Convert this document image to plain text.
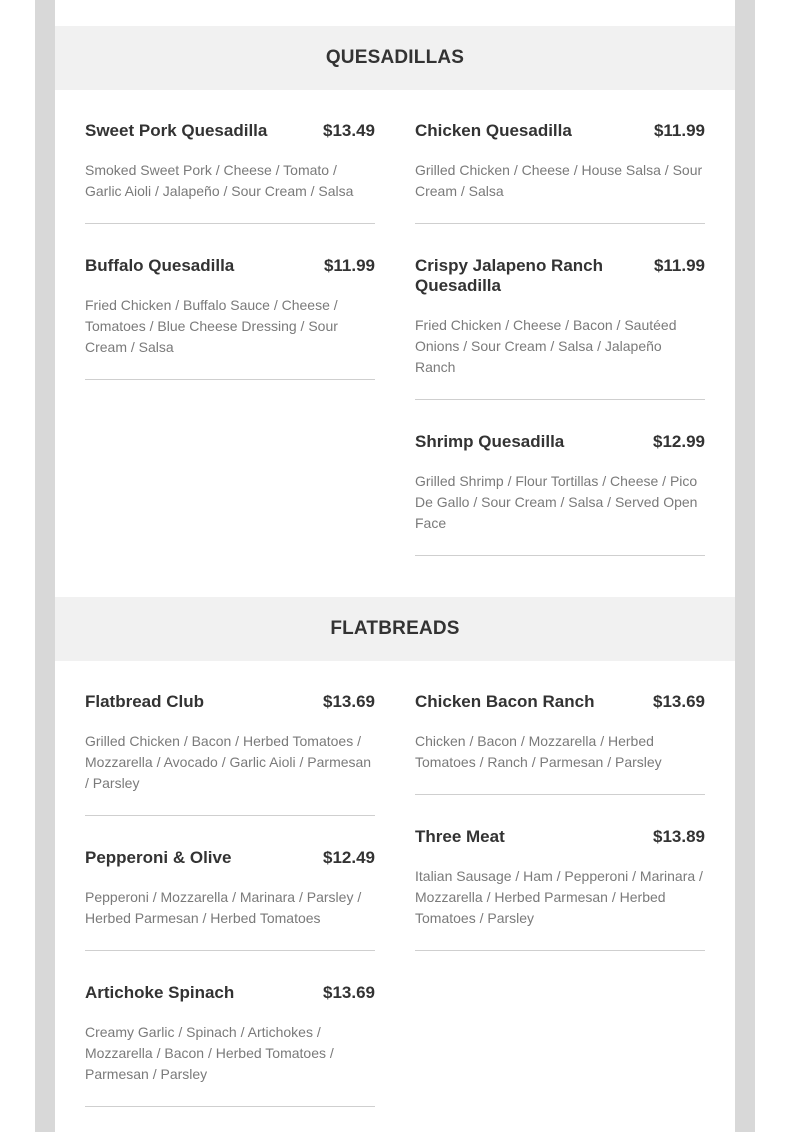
QUESADILLAS
Sweet Pork Quesadilla	$13.49
Smoked Sweet Pork / Cheese / Tomato / Garlic Aioli / Jalapeño / Sour Cream / Salsa
Buffalo Quesadilla	$11.99
Fried Chicken / Buffalo Sauce / Cheese / Tomatoes / Blue Cheese Dressing / Sour Cream / Salsa
Chicken Quesadilla	$11.99
Grilled Chicken / Cheese / House Salsa / Sour Cream / Salsa
Crispy Jalapeno Ranch Quesadilla
$11.99
Fried Chicken / Cheese / Bacon / Sautéed Onions / Sour Cream / Salsa / Jalapeño Ranch
Shrimp Quesadilla	$12.99
Grilled Shrimp / Flour Tortillas / Cheese / Pico De Gallo / Sour Cream / Salsa / Served Open Face
FLATBREADS
Flatbread Club	$13.69
Grilled Chicken / Bacon / Herbed Tomatoes / Mozzarella / Avocado / Garlic Aioli / Parmesan / Parsley
Pepperoni & Olive	$12.49
Pepperoni / Mozzarella / Marinara / Parsley / Herbed Parmesan / Herbed Tomatoes
Artichoke Spinach	$13.69
Creamy Garlic / Spinach / Artichokes / Mozzarella / Bacon / Herbed Tomatoes / Parmesan / Parsley
Chicken Bacon Ranch	$13.69
Chicken / Bacon / Mozzarella / Herbed Tomatoes / Ranch / Parmesan / Parsley
Three Meat	$13.89
Italian Sausage / Ham / Pepperoni / Marinara / Mozzarella / Herbed Parmesan / Herbed Tomatoes / Parsley
